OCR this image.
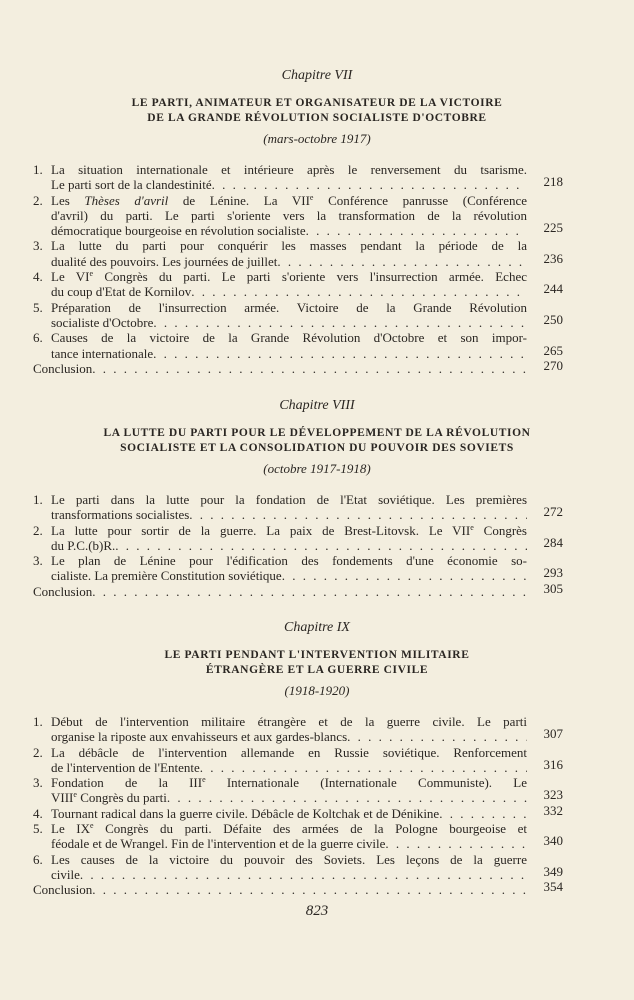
Chapitre VII
LE PARTI, ANIMATEUR ET ORGANISATEUR DE LA VICTOIRE
DE LA GRANDE RÉVOLUTION SOCIALISTE D'OCTOBRE
(mars-octobre 1917)
1. La situation internationale et intérieure après le renversement du tsarisme.
Le parti sort de la clandestinité . . .	218
2. Les Thèses d'avril de Lénine. La VIIe Conférence panrusse (Conférence
d'avril) du parti. Le parti s'oriente vers la transformation de la révolution
démocratique bourgeoise en révolution socialiste . . .	225
3. La lutte du parti pour conquérir les masses pendant la période de la
dualité des pouvoirs. Les journées de juillet . . .	236
4. Le VIe Congrès du parti. Le parti s'oriente vers l'insurrection armée. Echec
du coup d'Etat de Kornilov . . .	244
5. Préparation de l'insurrection armée. Victoire de la Grande Révolution
socialiste d'Octobre . . .	250
6. Causes de la victoire de la Grande Révolution d'Octobre et son impor-
tance internationale . . .	265
Conclusion . . .	270
Chapitre VIII
LA LUTTE DU PARTI POUR LE DÉVELOPPEMENT DE LA RÉVOLUTION
SOCIALISTE ET LA CONSOLIDATION DU POUVOIR DES SOVIETS
(octobre 1917-1918)
1. Le parti dans la lutte pour la fondation de l'Etat soviétique. Les premières
transformations socialistes . . .	272
2. La lutte pour sortir de la guerre. La paix de Brest-Litovsk. Le VIIe Congrès
du P.C.(b)R. . . .	284
3. Le plan de Lénine pour l'édification des fondements d'une économie so-
cialiste. La première Constitution soviétique . . .	293
Conclusion . . .	305
Chapitre IX
LE PARTI PENDANT L'INTERVENTION MILITAIRE
ÉTRANGÈRE ET LA GUERRE CIVILE
(1918-1920)
1. Début de l'intervention militaire étrangère et de la guerre civile. Le parti
organise la riposte aux envahisseurs et aux gardes-blancs . . .	307
2. La débâcle de l'intervention allemande en Russie soviétique. Renforcement
de l'intervention de l'Entente . . .	316
3. Fondation de la IIIe Internationale (Internationale Communiste). Le
VIIIe Congrès du parti . . .	323
4. Tournant radical dans la guerre civile. Débâcle de Koltchak et de Dénikine . . .	332
5. Le IXe Congrès du parti. Défaite des armées de la Pologne bourgeoise et
féodale et de Wrangel. Fin de l'intervention et de la guerre civile . . .	340
6. Les causes de la victoire du pouvoir des Soviets. Les leçons de la guerre
civile . . .	349
Conclusion . . .	354
823
